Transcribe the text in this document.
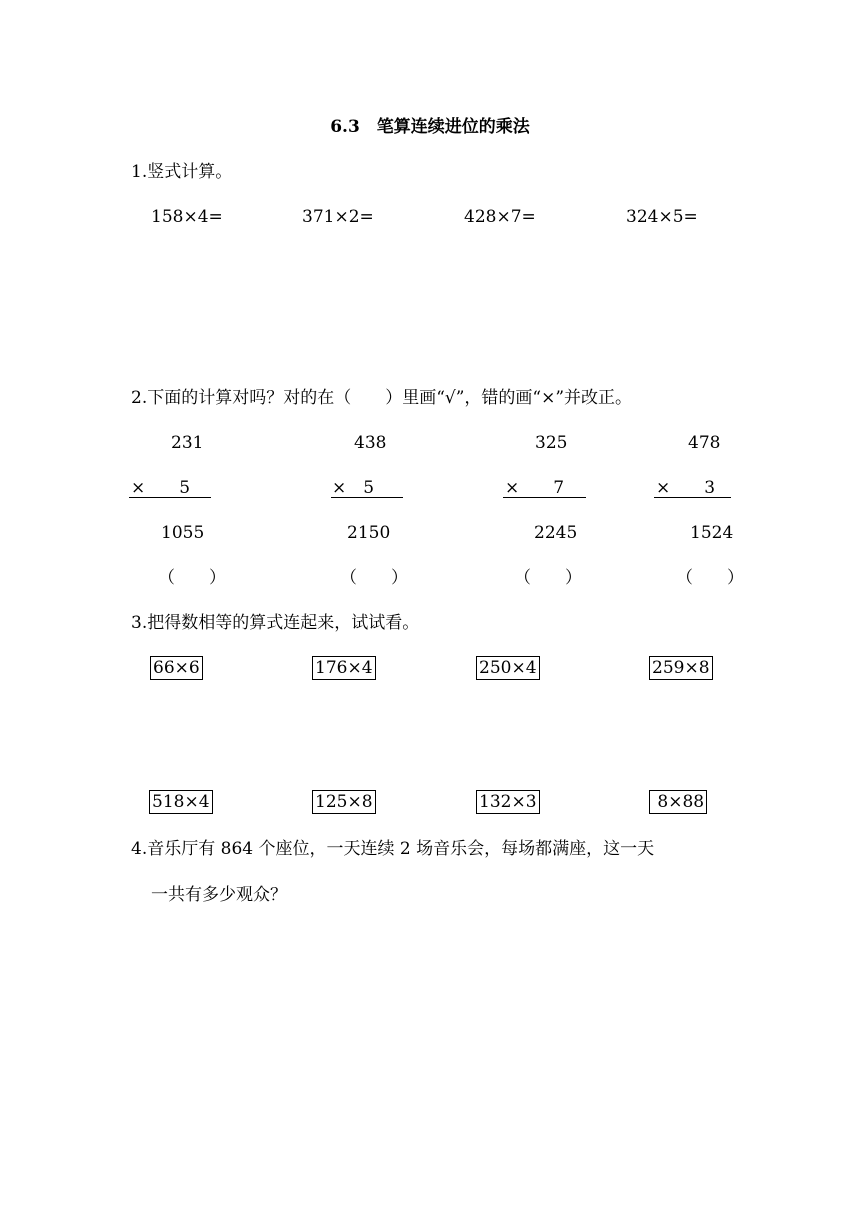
6.3　笔算连续进位的乘法
1.竖式计算。
158×4=	371×2=	428×7=	324×5=
2.下面的计算对吗？对的在（　　）里画“√”，错的画“×”并改正。
231
×　　5
1055
（　　）
438
×　5
2150
（　　）
325
×　　7
2245
（　　）
478
×　　3
1524
（　　）
3.把得数相等的算式连起来，试试看。
66×6	176×4	250×4	259×8
518×4	125×8	132×3	8×88
4.音乐厅有 864 个座位，一天连续 2 场音乐会，每场都满座，这一天
一共有多少观众？
